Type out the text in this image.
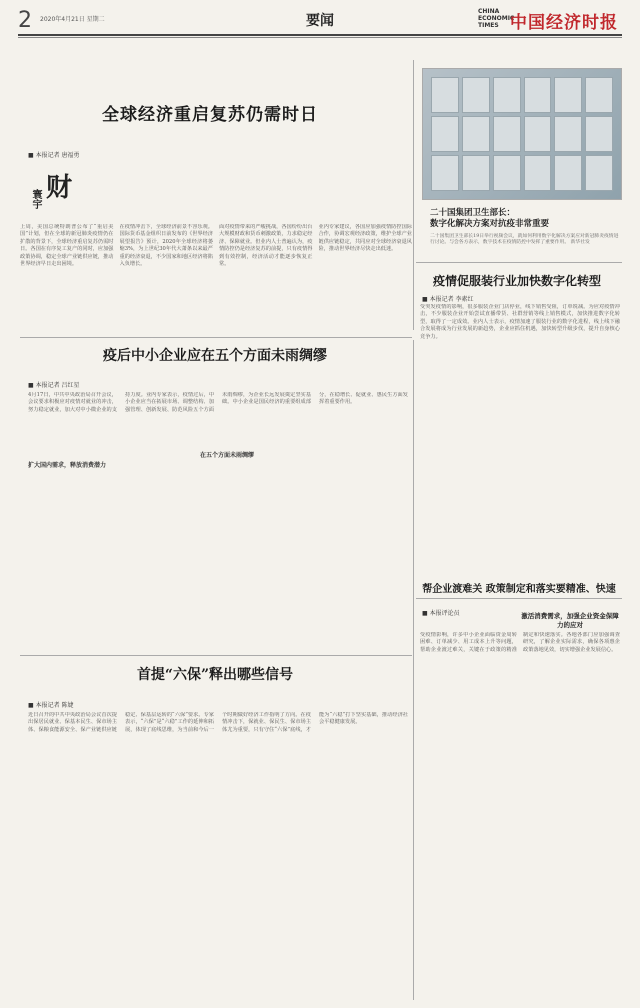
2 2020年4月21日 星期二	要闻
CHINA
ECONOMIC
TIMES 中国经济时报
全球经济重启复苏仍需时日
■ 本报记者 唐福勇
寰宇 财
上周，美国总统特朗普公布了“重启美国”计划，但在全球的新冠肺炎疫情仍在扩散的背景下，全球经济重启复苏仍需时日。各国在有序复工复产的同时，应加强政策协调，稳定全球产业链供应链，推动世界经济早日走出困境。
在疫情冲击下，全球经济前景不容乐观。国际货币基金组织日前发布的《世界经济展望报告》预计，2020年全球经济将萎缩3%，为上世纪30年代大萧条以来最严重的经济衰退，不少国家和地区经济将陷入负增长。
面对疫情带来的严峻挑战，各国纷纷出台大规模财政和货币刺激政策，力求稳定经济、保障就业。但业内人士普遍认为，疫情防控仍是经济复苏的前提，只有疫情得到有效控制，经济活动才能逐步恢复正常。
业内专家建议，各国应加强疫情防控国际合作，协调宏观经济政策，维护全球产业链供应链稳定，共同应对全球经济衰退风险，推动世界经济尽快走出低迷。
二十国集团卫生部长：
数字化解决方案对抗疫非常重要
二十国集团卫生部长19日举行视频会议，就如何利用数字化解决方案应对新冠肺炎疫情进行讨论。与会各方表示，数字技术在疫情防控中发挥了重要作用。 新华社发
疫情促服装行业加快数字化转型
■ 本报记者 李素红
受突发疫情的影响，很多服装企业门店停业，线下销售受阻，订单锐减。为应对疫情冲击，不少服装企业开始尝试直播带货、社群营销等线上销售模式，加快推进数字化转型，取得了一定成效。业内人士表示，疫情加速了服装行业的数字化进程，线上线下融合发展将成为行业发展的新趋势，企业应抓住机遇，加快转型升级步伐，提升自身核心竞争力。
疫后中小企业应在五个方面未雨绸缪
■ 本报记者 吕红星
扩大国内需求，释放消费潜力
在五个方面未雨绸缪
4月17日，中共中央政治局召开会议，会议要求积极应对疫情对就业的冲击，努力稳定就业，加大对中小微企业的支持力度。业内专家表示，疫情过后，中小企业应当在拓展市场、调整结构、加强管理、创新发展、防范风险五个方面未雨绸缪，为企业长远发展奠定坚实基础。中小企业是国民经济的重要组成部分，在稳增长、促就业、惠民生方面发挥着重要作用。
帮企业渡难关 政策制定和落实要精准、快速
■ 本报评论员	激活消费需求，加强企业资金保障力的应对
受疫情影响，许多中小企业面临资金周转困难、订单减少、用工成本上升等问题，帮助企业渡过难关，关键在于政策的精准制定和快速落实。各地各部门应加强调查研究，了解企业实际需求，确保各项惠企政策落地见效，切实增强企业发展信心。
首提“六保”释出哪些信号
■ 本报记者 陈婕
近日召开的中共中央政治局会议首次提出保居民就业、保基本民生、保市场主体、保粮食能源安全、保产业链供应链稳定、保基层运转的“六保”要求。专家表示，“六保”是“六稳”工作的延伸和拓展，体现了底线思维，为当前和今后一个时期做好经济工作指明了方向。在疫情冲击下，保就业、保民生、保市场主体尤为重要，只有守住“六保”底线，才能为“六稳”打下坚实基础，推动经济社会平稳健康发展。
